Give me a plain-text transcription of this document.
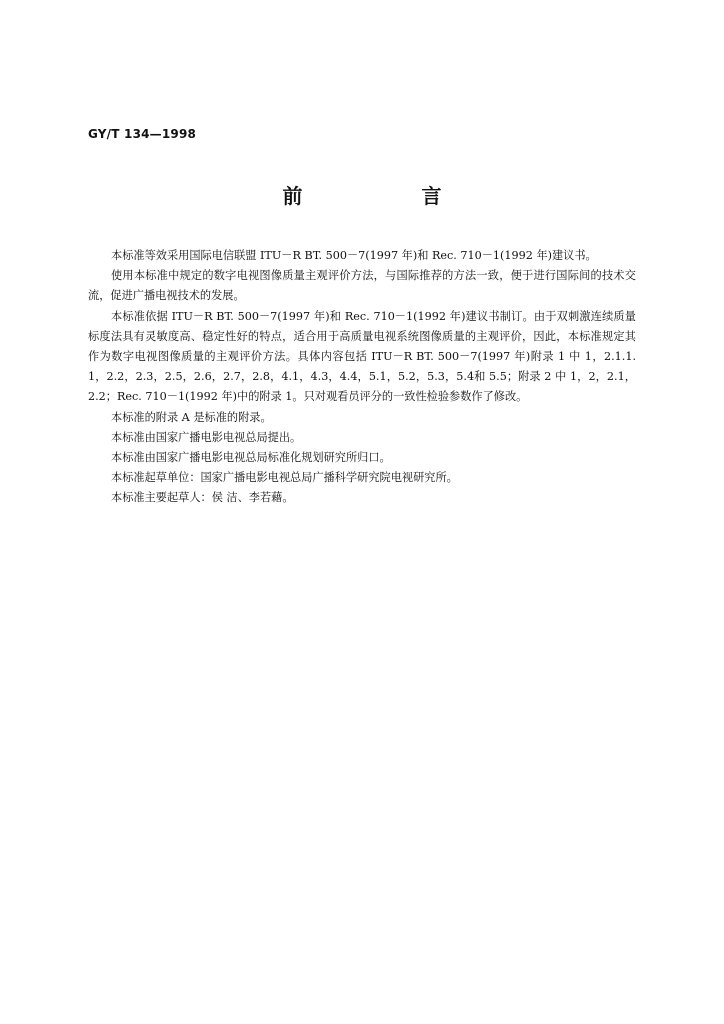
GY/T 134—1998
前 言

本标准等效采用国际电信联盟 ITU－R BT. 500－7(1997 年)和 Rec. 710－1(1992 年)建议书。

使用本标准中规定的数字电视图像质量主观评价方法，与国际推荐的方法一致，便于进行国际间的技术交流，促进广播电视技术的发展。

本标准依据 ITU－R BT. 500－7(1997 年)和 Rec. 710－1(1992 年)建议书制订。由于双刺激连续质量标度法具有灵敏度高、稳定性好的特点，适合用于高质量电视系统图像质量的主观评价，因此，本标准规定其作为数字电视图像质量的主观评价方法。具体内容包括 ITU－R BT. 500－7(1997 年)附录 1 中 1，2.1.1.1，2.2，2.3，2.5，2.6，2.7，2.8，4.1，4.3，4.4，5.1，5.2，5.3，5.4和 5.5；附录 2 中 1，2，2.1，2.2；Rec. 710－1(1992 年)中的附录 1。只对观看员评分的一致性检验参数作了修改。

本标准的附录 A 是标准的附录。

本标准由国家广播电影电视总局提出。

本标准由国家广播电影电视总局标准化规划研究所归口。

本标准起草单位：国家广播电影电视总局广播科学研究院电视研究所。

本标准主要起草人：侯 洁、李若藉。
